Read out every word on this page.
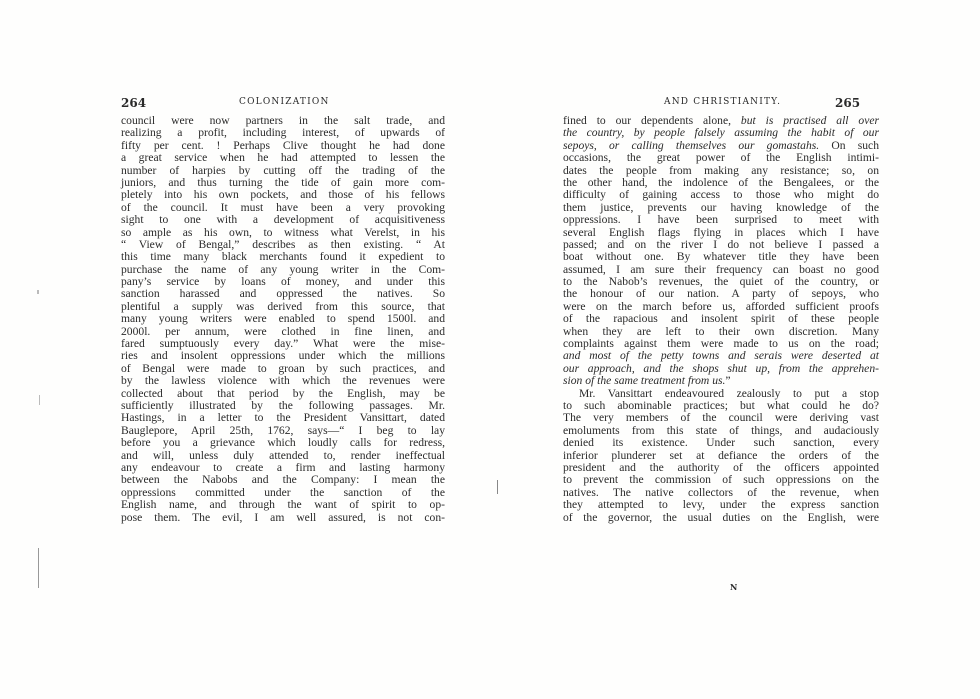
264	COLONIZATION
council were now partners in the salt trade, and
realizing a profit, including interest, of upwards of
fifty per cent. ! Perhaps Clive thought he had done
a great service when he had attempted to lessen the
number of harpies by cutting off the trading of the
juniors, and thus turning the tide of gain more com-
pletely into his own pockets, and those of his fellows
of the council. It must have been a very provoking
sight to one with a development of acquisitiveness
so ample as his own, to witness what Verelst, in his
“ View of Bengal,” describes as then existing. “ At
this time many black merchants found it expedient to
purchase the name of any young writer in the Com-
pany’s service by loans of money, and under this
sanction harassed and oppressed the natives. So
plentiful a supply was derived from this source, that
many young writers were enabled to spend 1500l. and
2000l. per annum, were clothed in fine linen, and
fared sumptuously every day.” What were the mise-
ries and insolent oppressions under which the millions
of Bengal were made to groan by such practices, and
by the lawless violence with which the revenues were
collected about that period by the English, may be
sufficiently illustrated by the following passages. Mr.
Hastings, in a letter to the President Vansittart, dated
Bauglepore, April 25th, 1762, says—“ I beg to lay
before you a grievance which loudly calls for redress,
and will, unless duly attended to, render ineffectual
any endeavour to create a firm and lasting harmony
between the Nabobs and the Company: I mean the
oppressions committed under the sanction of the
English name, and through the want of spirit to op-
pose them. The evil, I am well assured, is not con-
AND CHRISTIANITY.	265
fined to our dependents alone, but is practised all over
the country, by people falsely assuming the habit of our
sepoys, or calling themselves our gomastahs. On such
occasions, the great power of the English intimi-
dates the people from making any resistance; so, on
the other hand, the indolence of the Bengalees, or the
difficulty of gaining access to those who might do
them justice, prevents our having knowledge of the
oppressions. I have been surprised to meet with
several English flags flying in places which I have
passed; and on the river I do not believe I passed a
boat without one. By whatever title they have been
assumed, I am sure their frequency can boast no good
to the Nabob’s revenues, the quiet of the country, or
the honour of our nation. A party of sepoys, who
were on the march before us, afforded sufficient proofs
of the rapacious and insolent spirit of these people
when they are left to their own discretion. Many
complaints against them were made to us on the road;
and most of the petty towns and serais were deserted at
our approach, and the shops shut up, from the apprehen-
sion of the same treatment from us.”
Mr. Vansittart endeavoured zealously to put a stop
to such abominable practices; but what could he do?
The very members of the council were deriving vast
emoluments from this state of things, and audaciously
denied its existence. Under such sanction, every
inferior plunderer set at defiance the orders of the
president and the authority of the officers appointed
to prevent the commission of such oppressions on the
natives. The native collectors of the revenue, when
they attempted to levy, under the express sanction
of the governor, the usual duties on the English, were
N
